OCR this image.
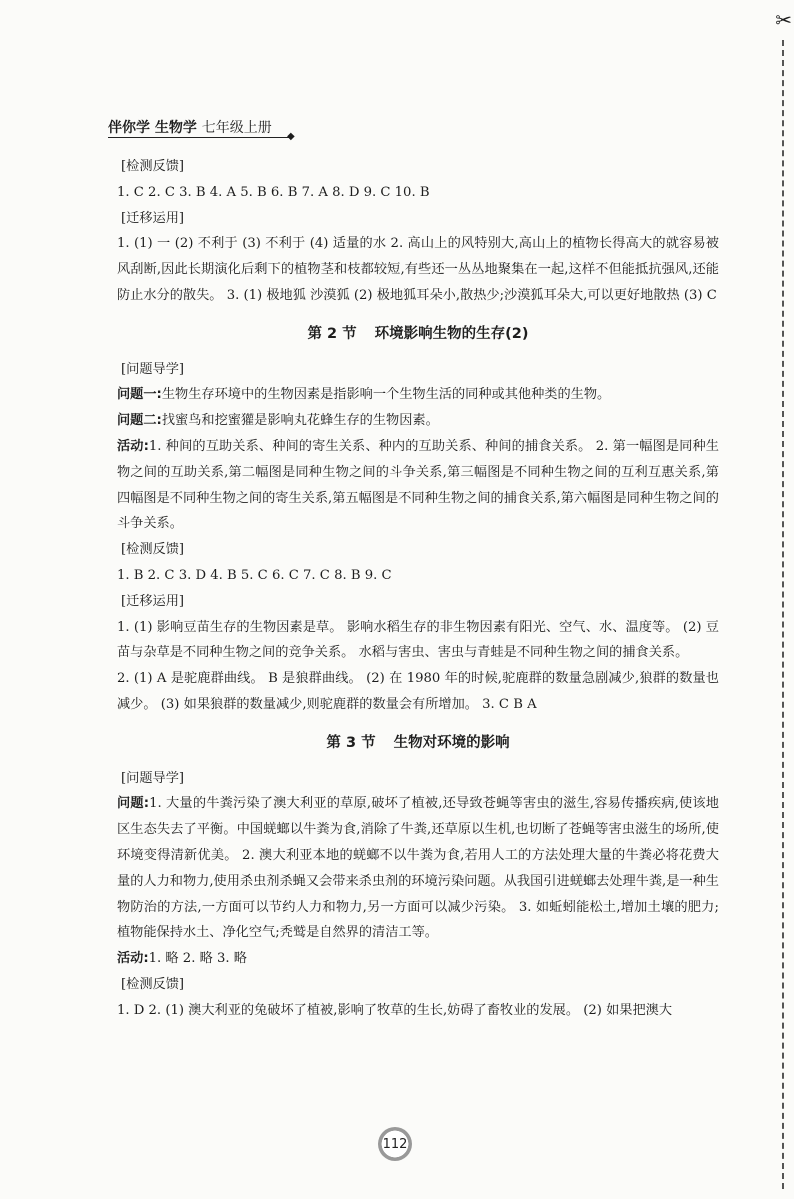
✂
伴你学 生物学 七年级上册
◆

[检测反馈]

1. C 2. C 3. B 4. A 5. B 6. B 7. A 8. D 9. C 10. B

[迁移运用]

1. (1) 一 (2) 不利于 (3) 不利于 (4) 适量的水 2. 高山上的风特别大,高山上的植物长得高大的就容易被风刮断,因此长期演化后剩下的植物茎和枝都较短,有些还一丛丛地聚集在一起,这样不但能抵抗强风,还能防止水分的散失。 3. (1) 极地狐 沙漠狐 (2) 极地狐耳朵小,散热少;沙漠狐耳朵大,可以更好地散热 (3) C

第 2 节 环境影响生物的生存(2)

[问题导学]

问题一:生物生存环境中的生物因素是指影响一个生物生活的同种或其他种类的生物。

问题二:找蜜鸟和挖蜜獾是影响丸花蜂生存的生物因素。

活动:1. 种间的互助关系、种间的寄生关系、种内的互助关系、种间的捕食关系。 2. 第一幅图是同种生物之间的互助关系,第二幅图是同种生物之间的斗争关系,第三幅图是不同种生物之间的互利互惠关系,第四幅图是不同种生物之间的寄生关系,第五幅图是不同种生物之间的捕食关系,第六幅图是同种生物之间的斗争关系。

[检测反馈]

1. B 2. C 3. D 4. B 5. C 6. C 7. C 8. B 9. C

[迁移运用]

1. (1) 影响豆苗生存的生物因素是草。 影响水稻生存的非生物因素有阳光、空气、水、温度等。 (2) 豆苗与杂草是不同种生物之间的竞争关系。 水稻与害虫、害虫与青蛙是不同种生物之间的捕食关系。

2. (1) A 是驼鹿群曲线。 B 是狼群曲线。 (2) 在 1980 年的时候,驼鹿群的数量急剧减少,狼群的数量也减少。 (3) 如果狼群的数量减少,则驼鹿群的数量会有所增加。 3. C B A

第 3 节 生物对环境的影响

[问题导学]

问题:1. 大量的牛粪污染了澳大利亚的草原,破坏了植被,还导致苍蝇等害虫的滋生,容易传播疾病,使该地区生态失去了平衡。中国蜣螂以牛粪为食,消除了牛粪,还草原以生机,也切断了苍蝇等害虫滋生的场所,使环境变得清新优美。 2. 澳大利亚本地的蜣螂不以牛粪为食,若用人工的方法处理大量的牛粪必将花费大量的人力和物力,使用杀虫剂杀蝇又会带来杀虫剂的环境污染问题。从我国引进蜣螂去处理牛粪,是一种生物防治的方法,一方面可以节约人力和物力,另一方面可以减少污染。 3. 如蚯蚓能松土,增加土壤的肥力;植物能保持水土、净化空气;秃鹫是自然界的清洁工等。

活动:1. 略 2. 略 3. 略

[检测反馈]

1. D 2. (1) 澳大利亚的兔破坏了植被,影响了牧草的生长,妨碍了畜牧业的发展。 (2) 如果把澳大

112
